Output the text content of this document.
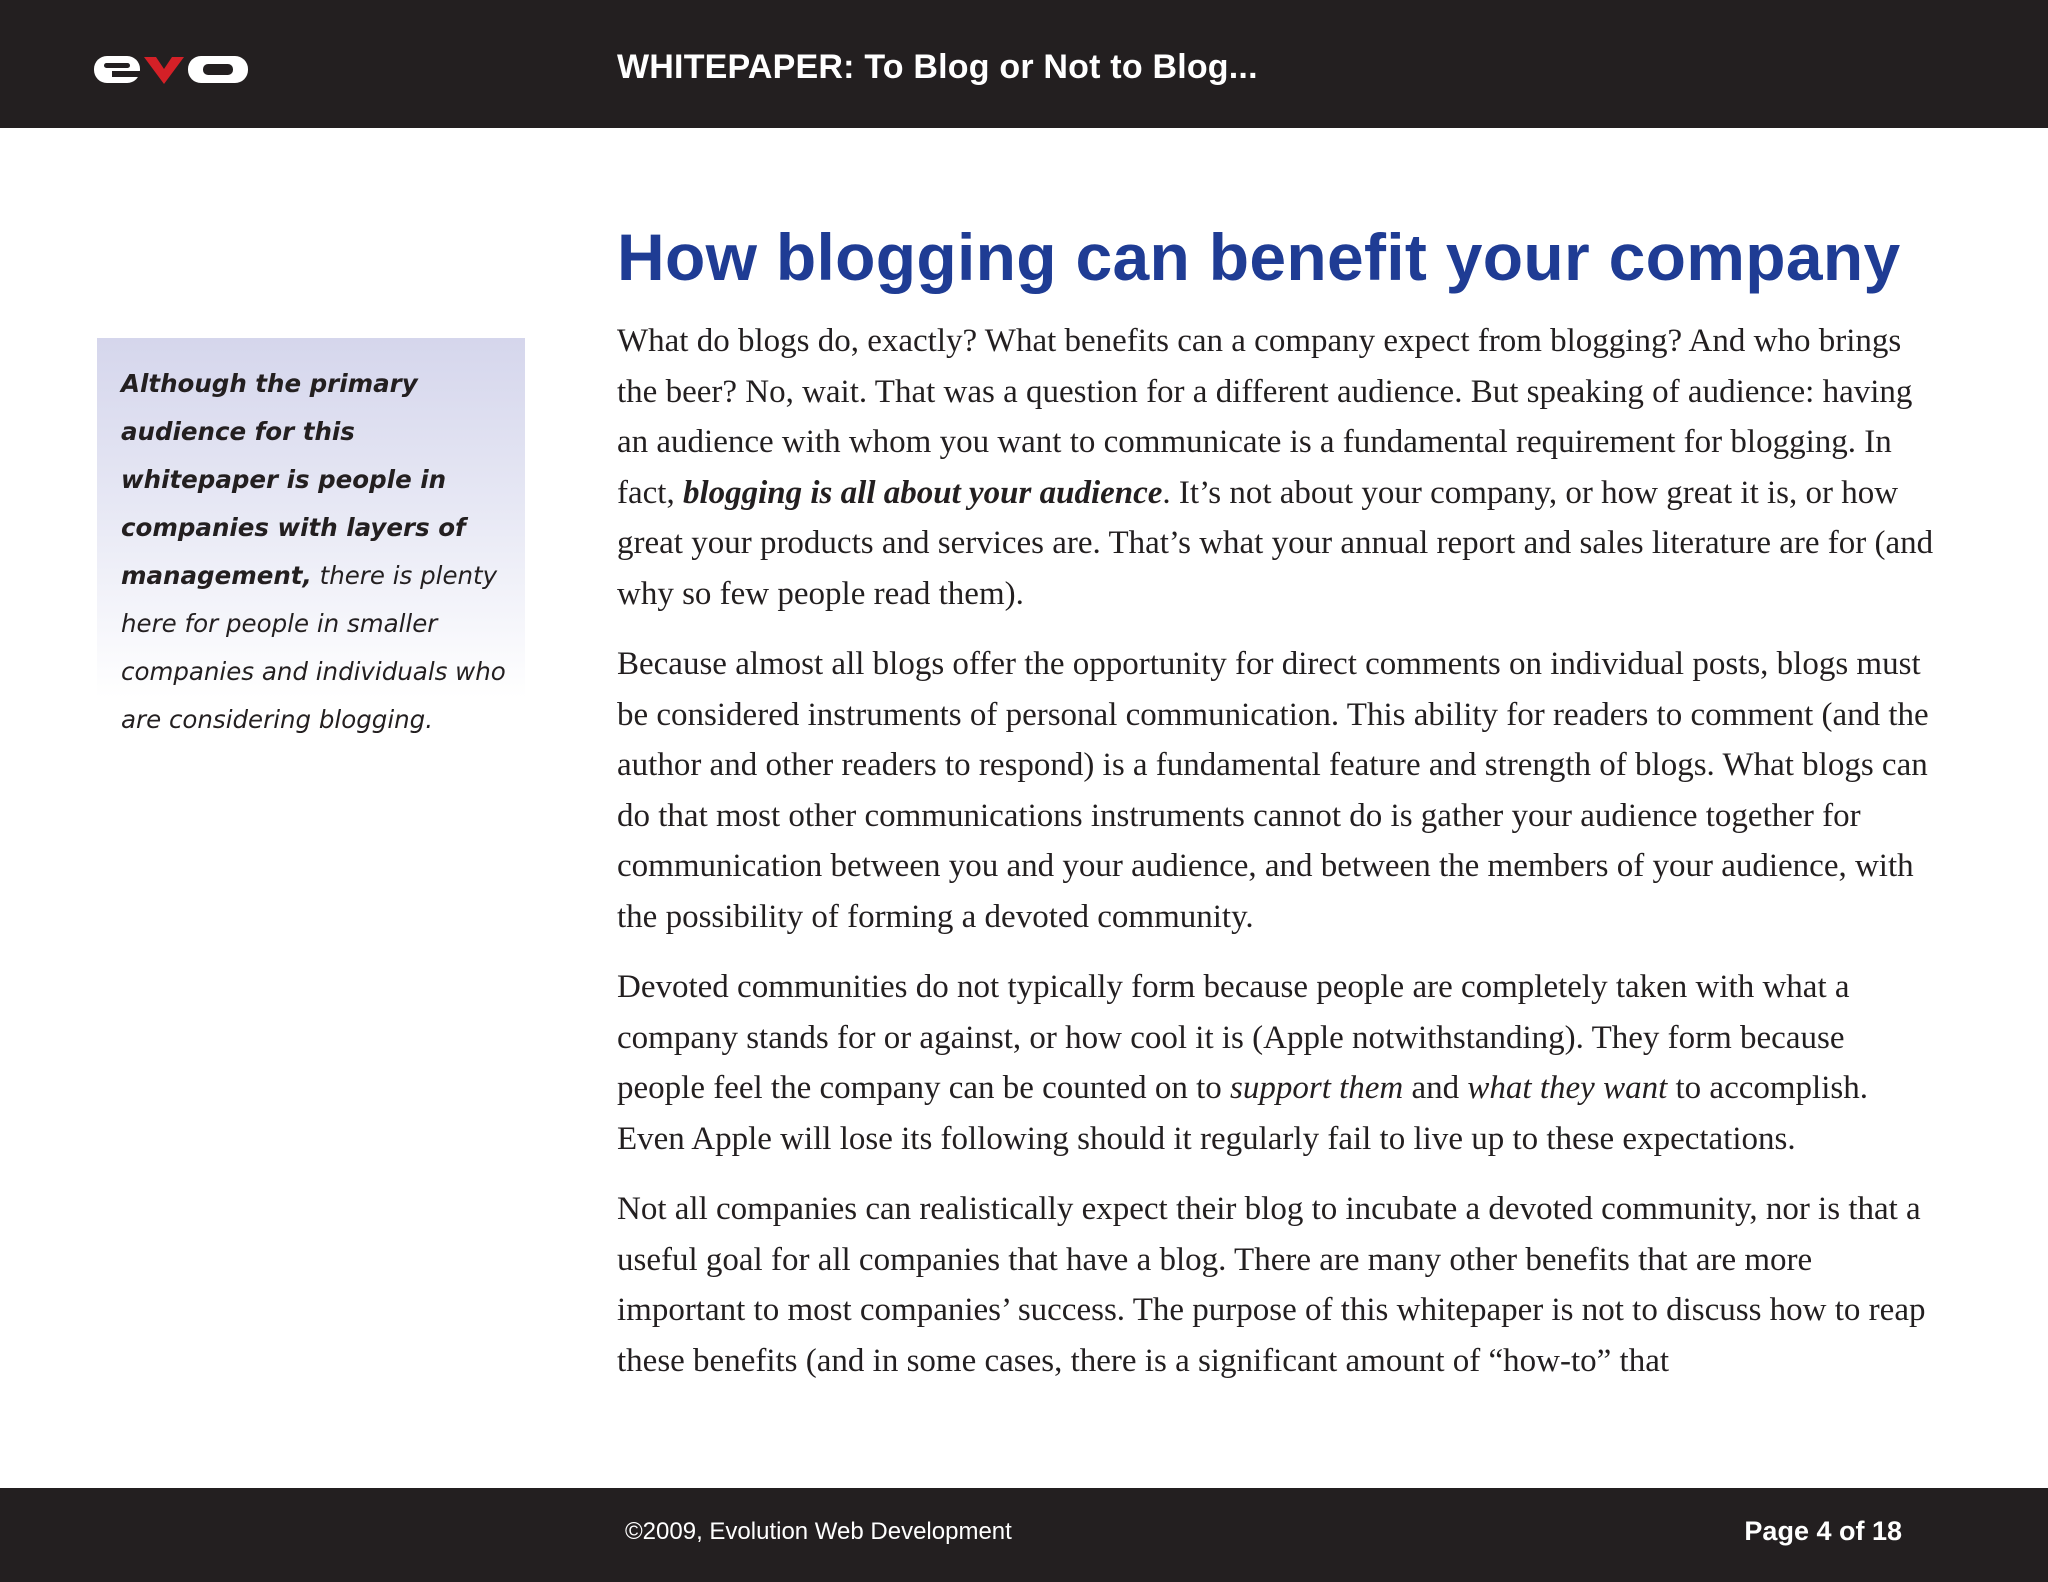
WHITEPAPER: To Blog or Not to Blog...
Although the primary audience for this whitepaper is people in companies with layers of management, there is plenty here for people in smaller companies and individuals who are considering blogging.
How blogging can benefit your company

What do blogs do, exactly? What benefits can a company expect from blogging? And who brings the beer? No, wait. That was a question for a different audience. But speaking of audience: having an audience with whom you want to communicate is a fundamental requirement for blogging. In fact, blogging is all about your audience. It’s not about your company, or how great it is, or how great your products and services are. That’s what your annual report and sales literature are for (and why so few people read them).

Because almost all blogs offer the opportunity for direct comments on individual posts, blogs must be considered instruments of personal communication. This ability for readers to comment (and the author and other readers to respond) is a fundamental feature and strength of blogs. What blogs can do that most other communications instruments cannot do is gather your audience together for communication between you and your audience, and between the members of your audience, with the possibility of forming a devoted community.

Devoted communities do not typically form because people are completely taken with what a company stands for or against, or how cool it is (Apple notwithstanding). They form because people feel the company can be counted on to support them and what they want to accomplish. Even Apple will lose its following should it regularly fail to live up to these expectations.

Not all companies can realistically expect their blog to incubate a devoted community, nor is that a useful goal for all companies that have a blog. There are many other benefits that are more important to most companies’ success. The purpose of this whitepaper is not to discuss how to reap these benefits (and in some cases, there is a significant amount of “how-to” that

©2009, Evolution Web Development	Page 4 of 18
